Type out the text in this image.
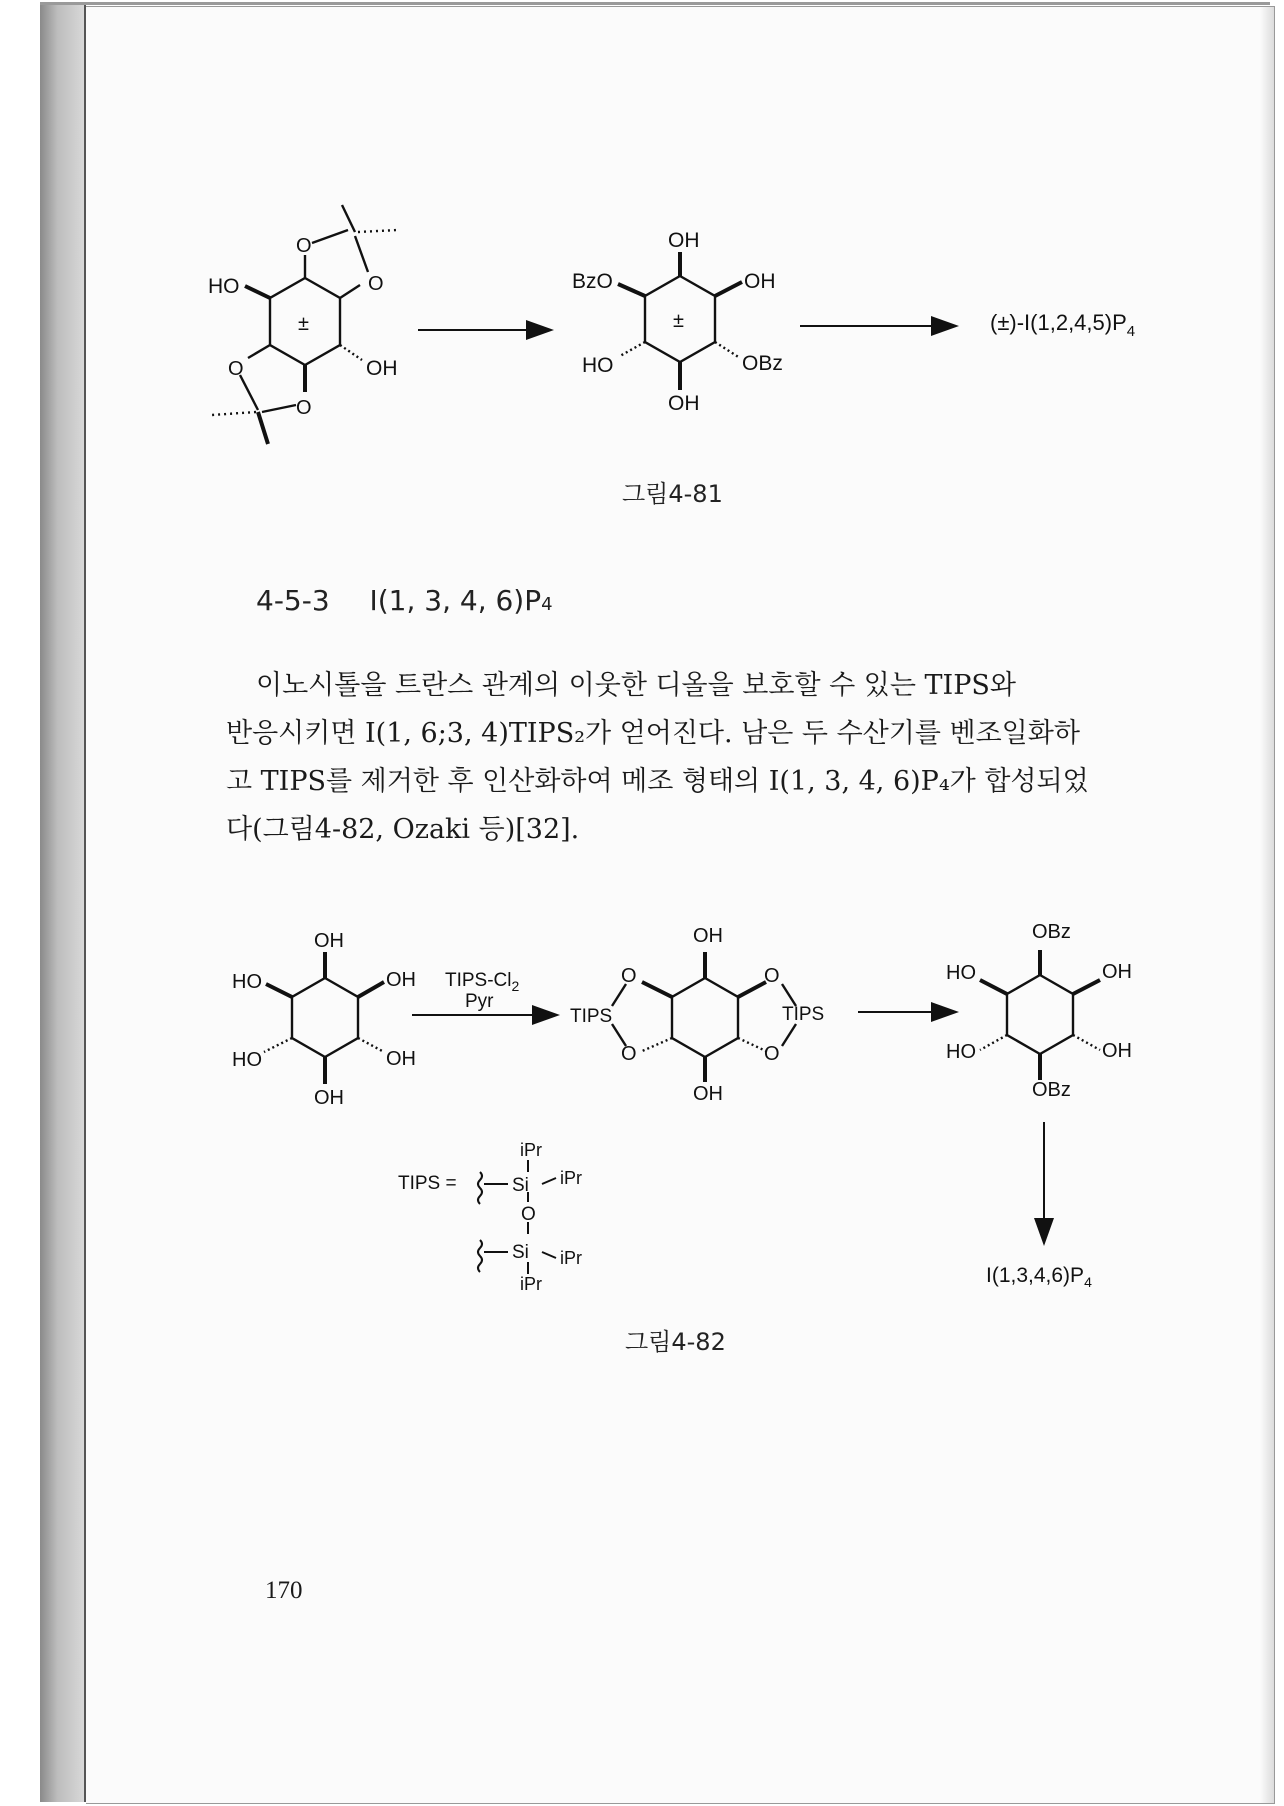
HO
O
O
±
OH
O
O
OH
BzO	OH
±
HO	OBz
OH
$(\pm)-I(1,2,4,5)P_4$
그림4-81
4-5-3 I(1, 3, 4, 6)P4
이노시톨을 트란스 관계의 이웃한 디올을 보호할 수 있는 TIPS와
반응시키면 I(1, 6;3, 4)TIPS₂가 얻어진다. 남은 두 수산기를 벤조일화하
고 TIPS를 제거한 후 인산화하여 메조 형태의 I(1, 3, 4, 6)P₄가 합성되었
다(그림4-82, Ozaki 등)[32].
OH
HO	OH
HO	OH
OH
TIPS-$Cl_2$
Pyr
OH
O	O
TIPS	TIPS
O	O
OH
OBz
HO	OH
HO	OH
OBz
$I(1,3,4,6)P_4$
TIPS =
iPr
Si iPr
O
Si iPr
iPr
그림4-82
170
